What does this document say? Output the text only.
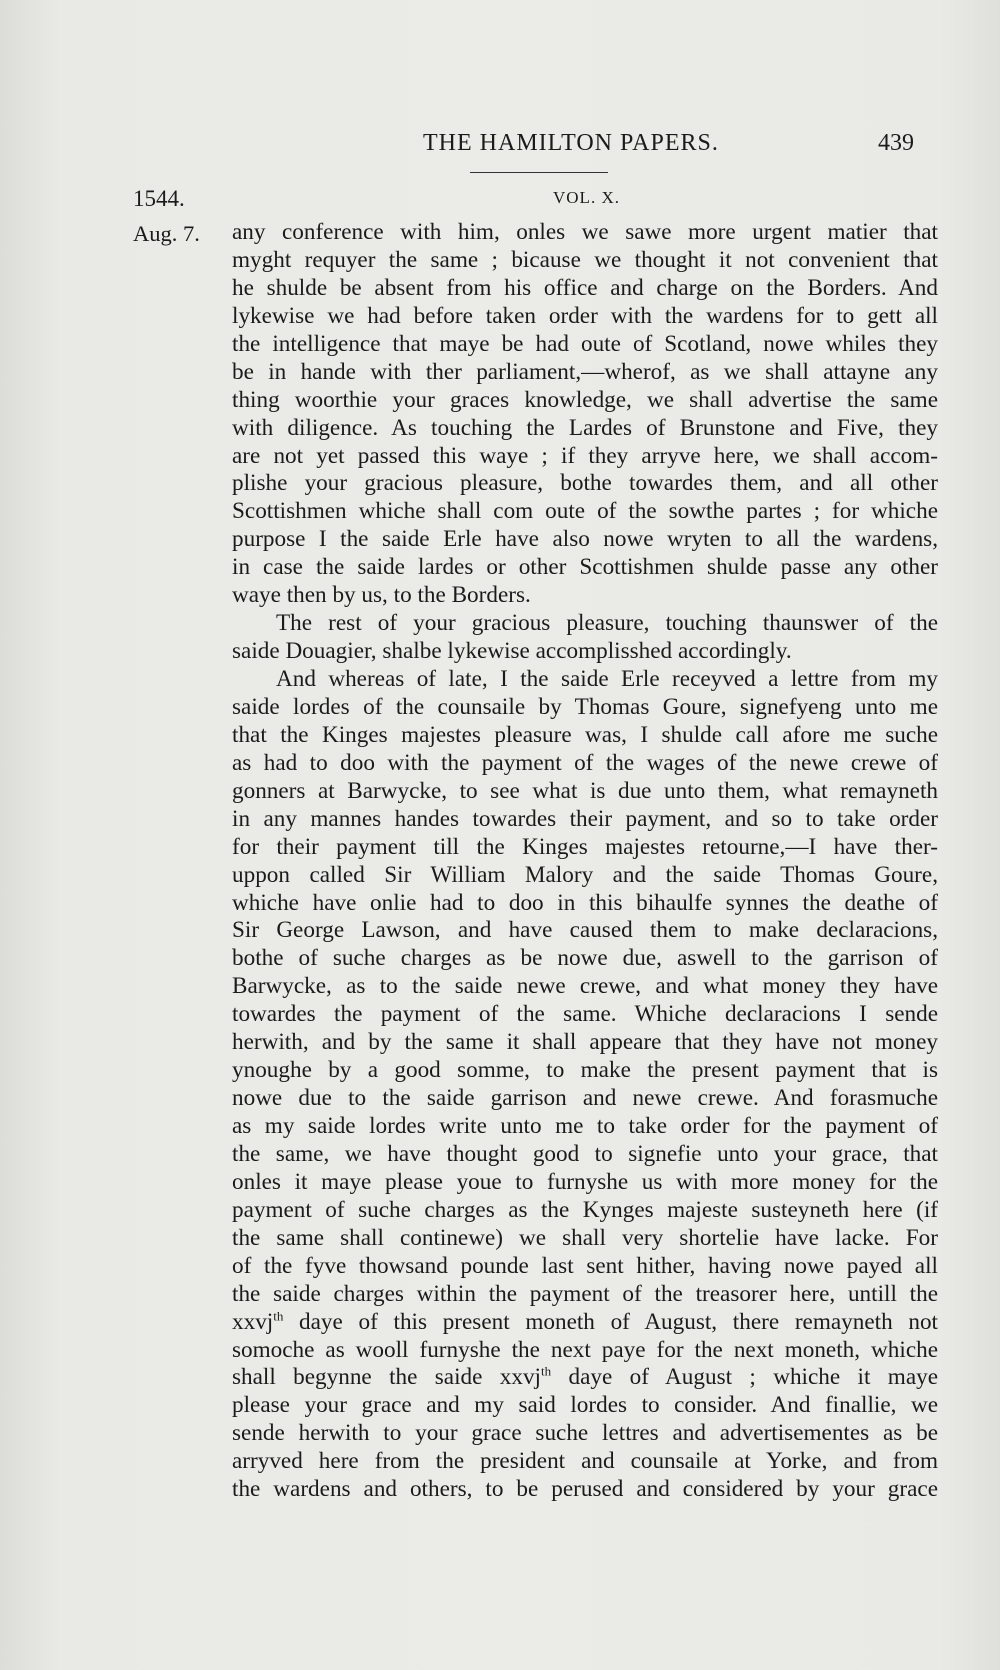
THE HAMILTON PAPERS.	439
1544.	VOL. X.
Aug. 7. any conference with him, onles we sawe more urgent matier that
myght requyer the same ; bicause we thought it not convenient that
he shulde be absent from his office and charge on the Borders. And
lykewise we had before taken order with the wardens for to gett all
the intelligence that maye be had oute of Scotland, nowe whiles they
be in hande with ther parliament,—wherof, as we shall attayne any
thing woorthie your graces knowledge, we shall advertise the same
with diligence. As touching the Lardes of Brunstone and Five, they
are not yet passed this waye ; if they arryve here, we shall accom-
plishe your gracious pleasure, bothe towardes them, and all other
Scottishmen whiche shall com oute of the sowthe partes ; for whiche
purpose I the saide Erle have also nowe wryten to all the wardens,
in case the saide lardes or other Scottishmen shulde passe any other
waye then by us, to the Borders.
The rest of your gracious pleasure, touching thaunswer of the
saide Douagier, shalbe lykewise accomplisshed accordingly.
And whereas of late, I the saide Erle receyved a lettre from my
saide lordes of the counsaile by Thomas Goure, signefyeng unto me
that the Kinges majestes pleasure was, I shulde call afore me suche
as had to doo with the payment of the wages of the newe crewe of
gonners at Barwycke, to see what is due unto them, what remayneth
in any mannes handes towardes their payment, and so to take order
for their payment till the Kinges majestes retourne,—I have ther-
uppon called Sir William Malory and the saide Thomas Goure,
whiche have onlie had to doo in this bihaulfe synnes the deathe of
Sir George Lawson, and have caused them to make declaracions,
bothe of suche charges as be nowe due, aswell to the garrison of
Barwycke, as to the saide newe crewe, and what money they have
towardes the payment of the same. Whiche declaracions I sende
herwith, and by the same it shall appeare that they have not money
ynoughe by a good somme, to make the present payment that is
nowe due to the saide garrison and newe crewe. And forasmuche
as my saide lordes write unto me to take order for the payment of
the same, we have thought good to signefie unto your grace, that
onles it maye please youe to furnyshe us with more money for the
payment of suche charges as the Kynges majeste susteyneth here (if
the same shall continewe) we shall very shortelie have lacke. For
of the fyve thowsand pounde last sent hither, having nowe payed all
the saide charges within the payment of the treasorer here, untill the
xxvj$^{th}$ daye of this present moneth of August, there remayneth not
somoche as wooll furnyshe the next paye for the next moneth, whiche
shall begynne the saide xxvj$^{th}$ daye of August ; whiche it maye
please your grace and my said lordes to consider. And finallie, we
sende herwith to your grace suche lettres and advertisementes as be
arryved here from the president and counsaile at Yorke, and from
the wardens and others, to be perused and considered by your grace
